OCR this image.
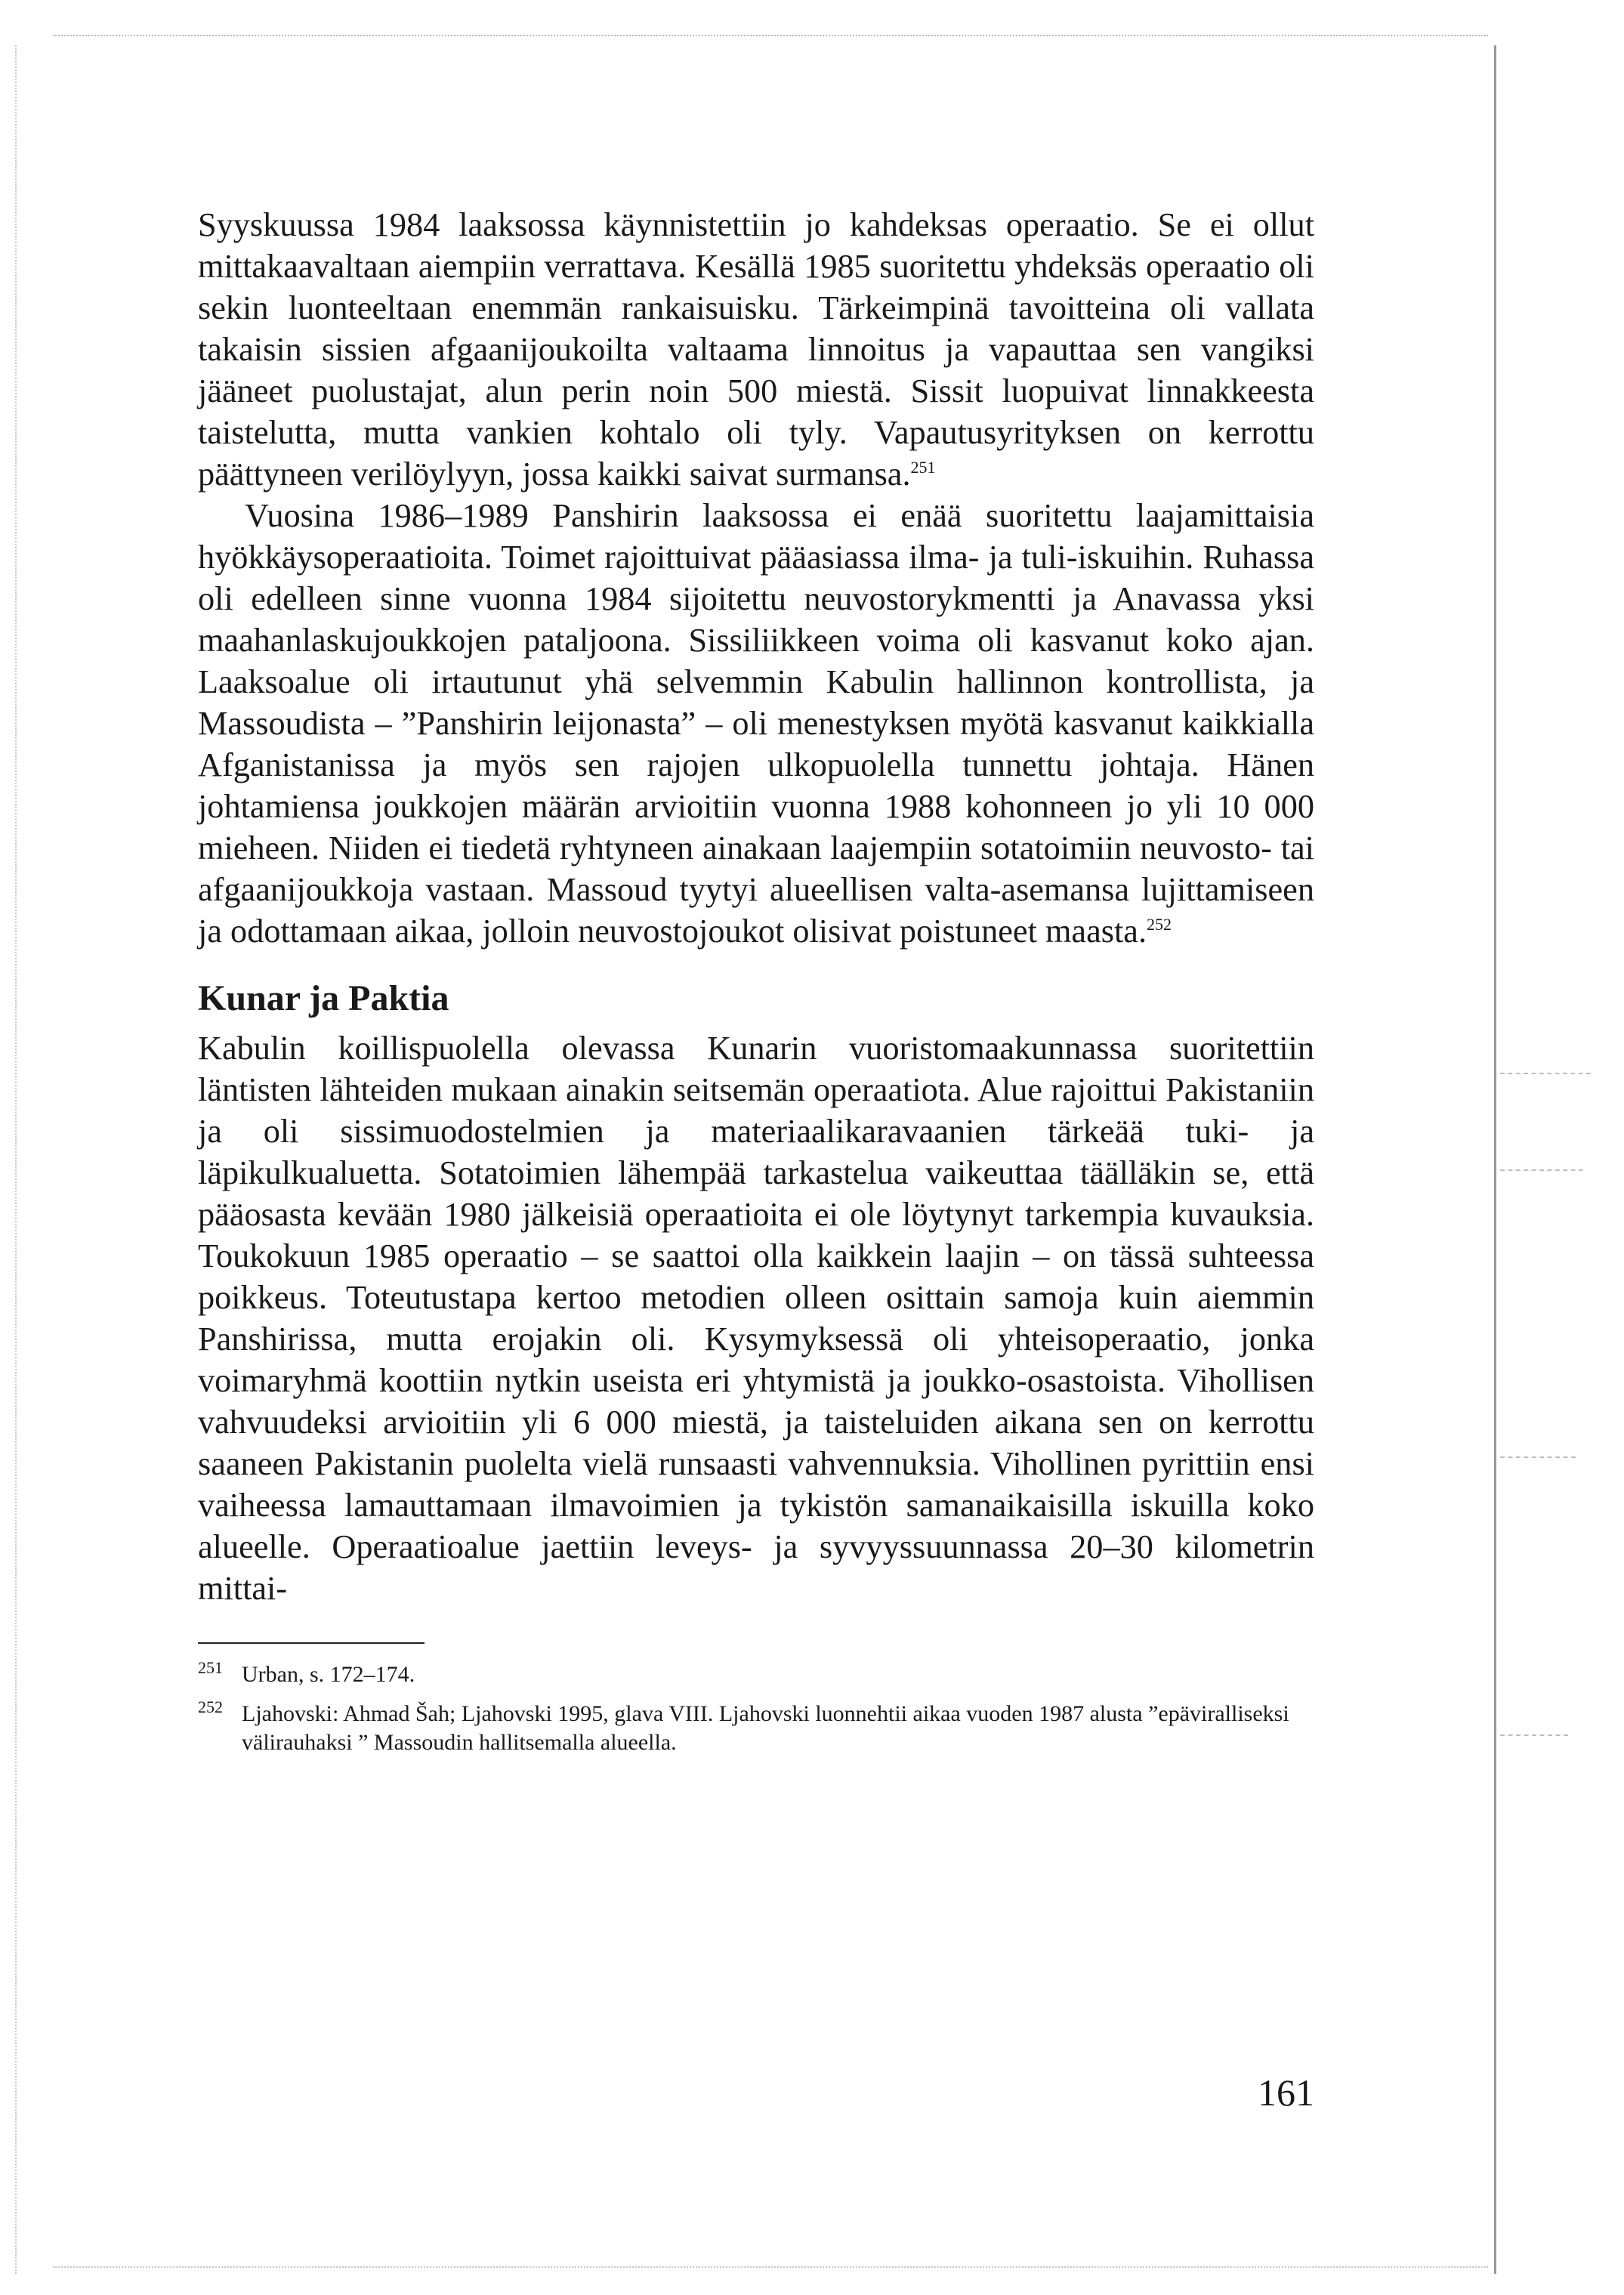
Syyskuussa 1984 laaksossa käynnistettiin jo kahdeksas operaatio. Se ei ollut mittakaavaltaan aiempiin verrattava. Kesällä 1985 suoritettu yhdeksäs operaatio oli sekin luonteeltaan enemmän rankaisuisku. Tärkeimpinä tavoitteina oli vallata takaisin sissien afgaanijoukoilta valtaama linnoitus ja vapauttaa sen vangiksi jääneet puolustajat, alun perin noin 500 miestä. Sissit luopuivat linnakkeesta taistelutta, mutta vankien kohtalo oli tyly. Vapautusyrityksen on kerrottu päättyneen verilöylyyn, jossa kaikki saivat surmansa.$^{251}$

Vuosina 1986–1989 Panshirin laaksossa ei enää suoritettu laajamittaisia hyökkäysoperaatioita. Toimet rajoittuivat pääasiassa ilma- ja tuli-iskuihin. Ruhassa oli edelleen sinne vuonna 1984 sijoitettu neuvostorykmentti ja Anavassa yksi maahanlaskujoukkojen pataljoona. Sissiliikkeen voima oli kasvanut koko ajan. Laaksoalue oli irtautunut yhä selvemmin Kabulin hallinnon kontrollista, ja Massoudista – ”Panshirin leijonasta” – oli menestyksen myötä kasvanut kaikkialla Afganistanissa ja myös sen rajojen ulkopuolella tunnettu johtaja. Hänen johtamiensa joukkojen määrän arvioitiin vuonna 1988 kohonneen jo yli 10 000 mieheen. Niiden ei tiedetä ryhtyneen ainakaan laajempiin sotatoimiin neuvosto- tai afgaanijoukkoja vastaan. Massoud tyytyi alueellisen valta-asemansa lujittamiseen ja odottamaan aikaa, jolloin neuvostojoukot olisivat poistuneet maasta.$^{252}$

Kunar ja Paktia

Kabulin koillispuolella olevassa Kunarin vuoristomaakunnassa suoritettiin läntisten lähteiden mukaan ainakin seitsemän operaatiota. Alue rajoittui Pakistaniin ja oli sissimuodostelmien ja materiaalikaravaanien tärkeää tuki- ja läpikulkualuetta. Sotatoimien lähempää tarkastelua vaikeuttaa täälläkin se, että pääosasta kevään 1980 jälkeisiä operaatioita ei ole löytynyt tarkempia kuvauksia. Toukokuun 1985 operaatio – se saattoi olla kaikkein laajin – on tässä suhteessa poikkeus. Toteutustapa kertoo metodien olleen osittain samoja kuin aiemmin Panshirissa, mutta erojakin oli. Kysymyksessä oli yhteisoperaatio, jonka voimaryhmä koottiin nytkin useista eri yhtymistä ja joukko-osastoista. Vihollisen vahvuudeksi arvioitiin yli 6 000 miestä, ja taisteluiden aikana sen on kerrottu saaneen Pakistanin puolelta vielä runsaasti vahvennuksia. Vihollinen pyrittiin ensi vaiheessa lamauttamaan ilmavoimien ja tykistön samanaikaisilla iskuilla koko alueelle. Operaatioalue jaettiin leveys- ja syvyyssuunnassa 20–30 kilometrin mittai-

$^{251}$ Urban, s. 172–174.

$^{252}$ Ljahovski: Ahmad Šah; Ljahovski 1995, glava VIII. Ljahovski luonnehtii aikaa vuoden 1987 alusta ”epäviralliseksi välirauhaksi ” Massoudin hallitsemalla alueella.

161
